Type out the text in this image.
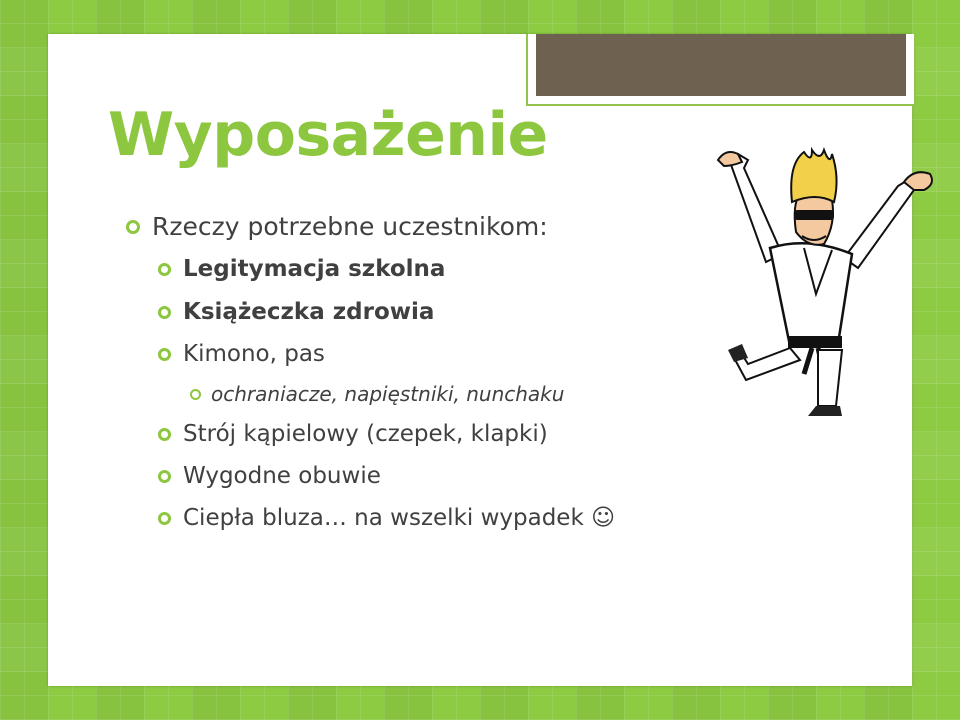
Wyposażenie
Rzeczy potrzebne uczestnikom:
Legitymacja szkolna
Książeczka zdrowia
Kimono, pas
ochraniacze, napięstniki, nunchaku
Strój kąpielowy (czepek, klapki)
Wygodne obuwie
Ciepła bluza… na wszelki wypadek ☺
